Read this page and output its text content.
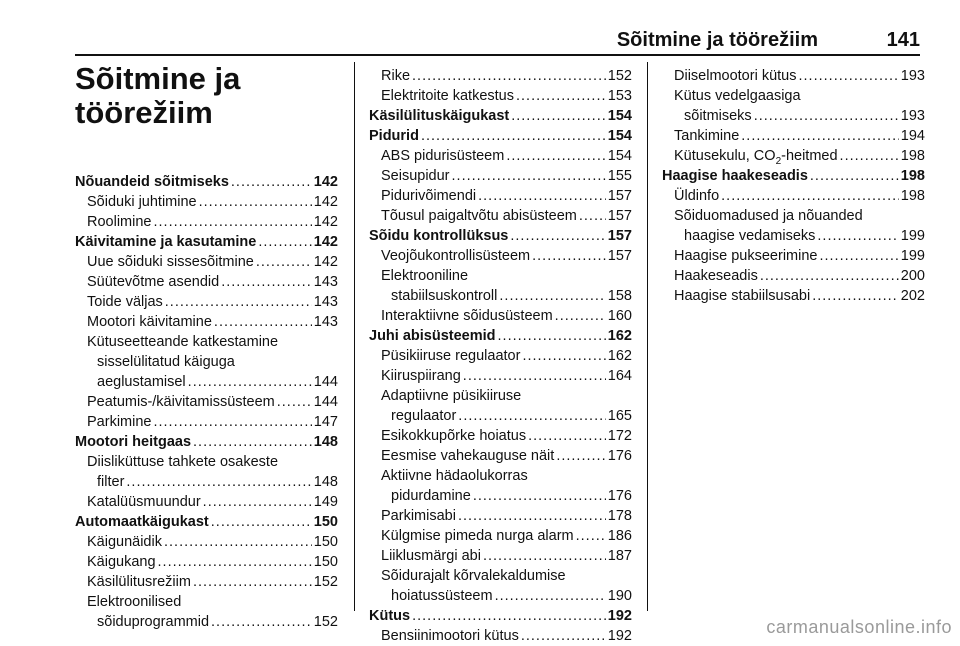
Sõitmine ja töörežiim	141
Sõitmine ja
töörežiim
Nõuandeid sõitmiseks .....	142
Sõiduki juhtimine .....	142
Roolimine .....	142
Käivitamine ja kasutamine .....	142
Uue sõiduki sissesõitmine .....	142
Süütevõtme asendid .....	143
Toide väljas .....	143
Mootori käivitamine .....	143
Kütuseetteande katkestamine
sisselülitatud käiguga
aeglustamisel .....	144
Peatumis-/käivitamissüsteem .....	144
Parkimine .....	147
Mootori heitgaas .....	148
Diisliküttuse tahkete osakeste
filter .....	148
Katalüüsmuundur .....	149
Automaatkäigukast .....	150
Käigunäidik .....	150
Käigukang .....	150
Käsilülitusrežiim .....	152
Elektroonilised
sõiduprogrammid .....	152
Rike .....	152
Elektritoite katkestus .....	153
Käsilülituskäigukast .....	154
Pidurid .....	154
ABS pidurisüsteem .....	154
Seisupidur .....	155
Pidurivõimendi .....	157
Tõusul paigaltvõtu abisüsteem ..... 157
Sõidu kontrollüksus .....	157
Veojõukontrollisüsteem .....	157
Elektrooniline
stabiilsuskontroll .....	158
Interaktiivne sõidusüsteem .....	160
Juhi abisüsteemid .....	162
Püsikiiruse regulaator .....	162
Kiiruspiirang .....	164
Adaptiivne püsikiiruse
regulaator .....	165
Esikokkupõrke hoiatus .....	172
Eesmise vahekauguse näit .....	176
Aktiivne hädaolukorras
pidurdamine .....	176
Parkimisabi .....	178
Külgmise pimeda nurga alarm ..... 186
Liiklusmärgi abi .....	187
Sõidurajalt kõrvalekaldumise
hoiatussüsteem .....	190
Kütus .....	192
Bensiinimootori kütus .....	192
Diiselmootori kütus .....	193
Kütus vedelgaasiga
sõitmiseks .....	193
Tankimine .....	194
Kütusekulu, $CO_2$-heitmed .....	198
Haagise haakeseadis .....	198
Üldinfo .....	198
Sõiduomadused ja nõuanded
haagise vedamiseks .....	199
Haagise pukseerimine .....	199
Haakeseadis .....	200
Haagise stabiilsusabi .....	202
carmanualsonline.info
